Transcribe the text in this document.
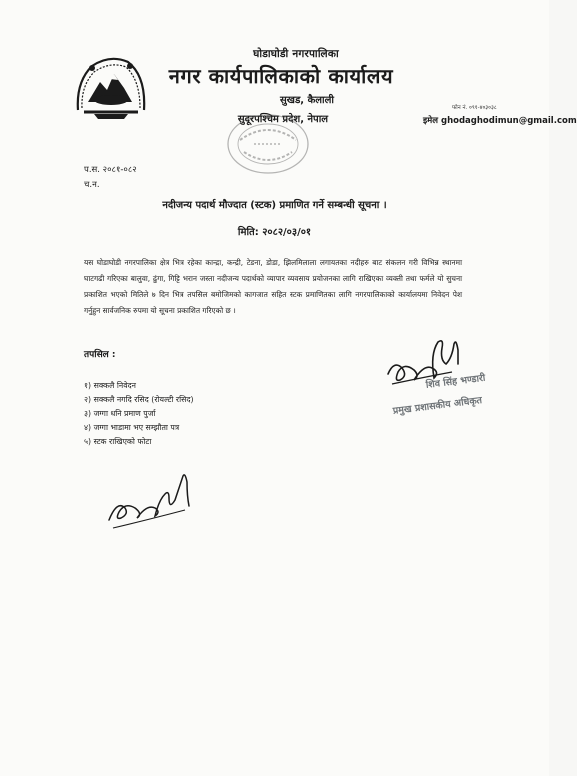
घोडाघोडी नगरपालिका
नगर कार्यपालिकाको कार्यालय
सुखड, कैलाली
सुदूरपश्चिम प्रदेश, नेपाल
फोन नं. ०९१-४०३०३८
इमेल ghodaghodimun@gmail.com
प.स. २०८१-०८२
च.न.
नदीजन्य पदार्थ मौज्दात (स्टक) प्रमाणित गर्ने सम्बन्धी सूचना ।
मिति: २०८२/०३/०१
यस घोडाघोडी नगरपालिका क्षेत्र भित्र रहेका कान्द्रा, कन्द्री, टेडना, डोडा, झिलमिलाला लगायतका नदीहरु बाट संकलन गरी विभिन्न स्थानमा घाटगढी गरिएका बालुवा, ढुंगा, गिट्टि भरान जस्ता नदीजन्य पदार्थको व्यापार व्यवसाय प्रयोजनका लागि राखिएका व्यक्ती तथा फर्मले यो सुचना प्रकाशित भएको मितिले ७ दिन भित्र तपसिल बमोजिमको कागजात सहित स्टक प्रमाणितका लागि नगरपालिकाको कार्यालयमा निवेदन पेश गर्नुहुन सार्वजनिक रुपमा यो सूचना प्रकाशित गरिएको छ ।
तपसिल :
१) सक्कलै निवेदन
२) सक्कलै नगदि रसिद (रोयल्टी रसिद)
३) जग्गा धनि प्रमाण पुर्जा
४) जग्गा भाडामा भए सम्झौता पत्र
५) स्टक राखिएको फोटा
शिव सिंह भण्डारी
प्रमुख प्रशासकीय अधिकृत
